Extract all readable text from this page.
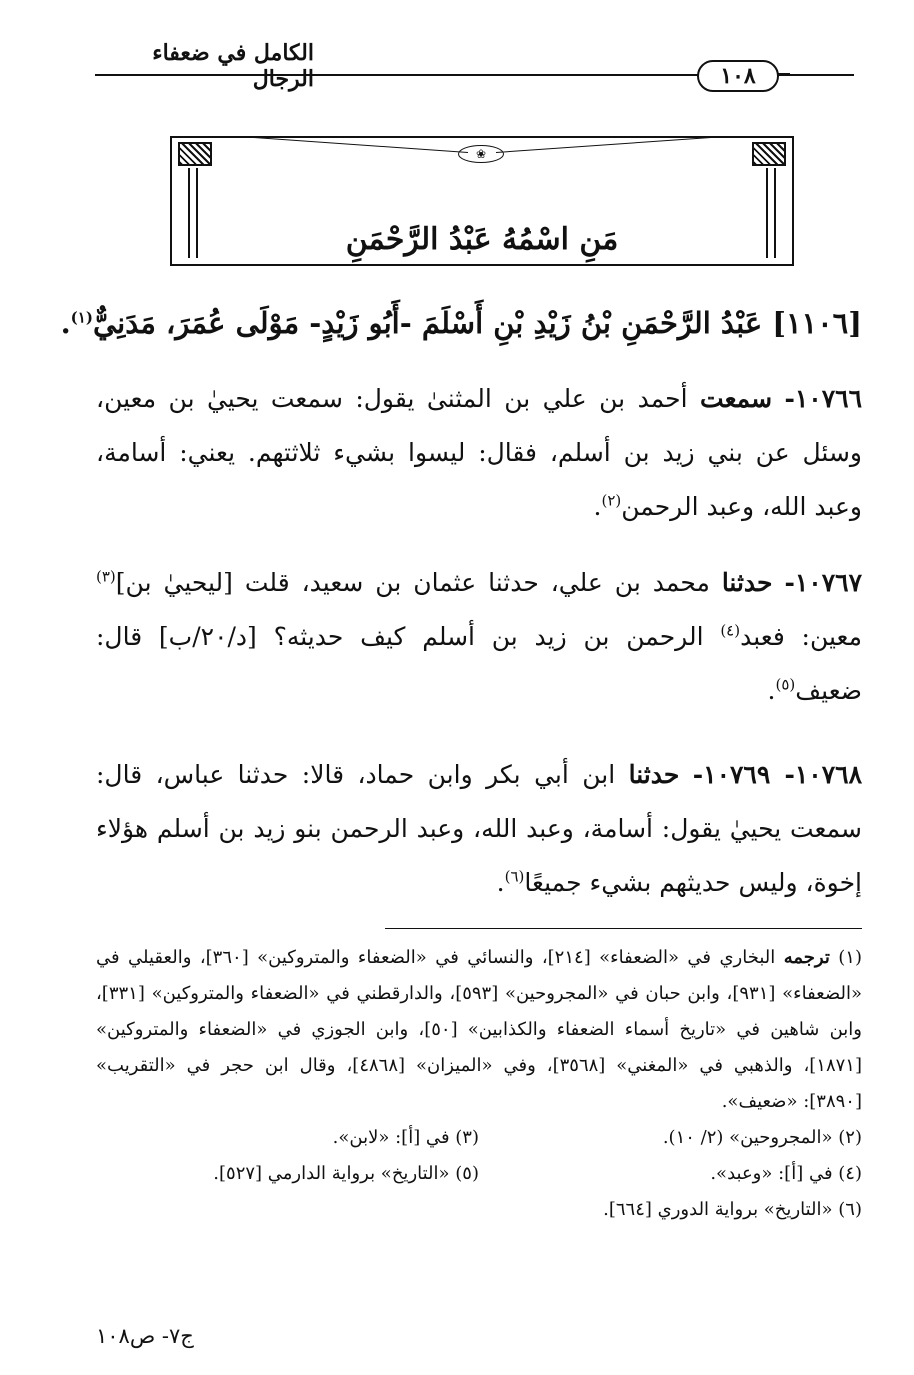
الكامل في ضعفاء الرجال	١٠٨
❀
مَنِ اسْمُهُ عَبْدُ الرَّحْمَنِ
[١١٠٦] عَبْدُ الرَّحْمَنِ بْنُ زَيْدِ بْنِ أَسْلَمَ -أَبُو زَيْدٍ- مَوْلَى عُمَرَ، مَدَنِيٌّ$^{(١)}$.
١٠٧٦٦- سمعت أحمد بن علي بن المثنىٰ يقول: سمعت يحييٰ بن معين، وسئل عن بني زيد بن أسلم، فقال: ليسوا بشيء ثلاثتهم. يعني: أسامة، وعبد الله، وعبد الرحمن$^{(٢)}$.
١٠٧٦٧- حدثنا محمد بن علي، حدثنا عثمان بن سعيد، قلت [ليحييٰ بن]$^{(٣)}$ معين: فعبد$^{(٤)}$ الرحمن بن زيد بن أسلم كيف حديثه؟ [د/٢٠/ب] قال: ضعيف$^{(٥)}$.
١٠٧٦٨- ١٠٧٦٩- حدثنا ابن أبي بكر وابن حماد، قالا: حدثنا عباس، قال: سمعت يحييٰ يقول: أسامة، وعبد الله، وعبد الرحمن بنو زيد بن أسلم هؤلاء إخوة، وليس حديثهم بشيء جميعًا$^{(٦)}$.
(١) ترجمه البخاري في «الضعفاء» [٢١٤]، والنسائي في «الضعفاء والمتروكين» [٣٦٠]، والعقيلي في «الضعفاء» [٩٣١]، وابن حبان في «المجروحين» [٥٩٣]، والدارقطني في «الضعفاء والمتروكين» [٣٣١]، وابن شاهين في «تاريخ أسماء الضعفاء والكذابين» [٥٠]، وابن الجوزي في «الضعفاء والمتروكين» [١٨٧١]، والذهبي في «المغني» [٣٥٦٨]، وفي «الميزان» [٤٨٦٨]، وقال ابن حجر في «التقريب» [٣٨٩٠]: «ضعيف».
(٢) «المجروحين» (٢/ ١٠).
(٣) في [أ]: «لابن».
(٤) في [أ]: «وعبد».
(٥) «التاريخ» برواية الدارمي [٥٢٧].
(٦) «التاريخ» برواية الدوري [٦٦٤].
ج٧- ص١٠٨
